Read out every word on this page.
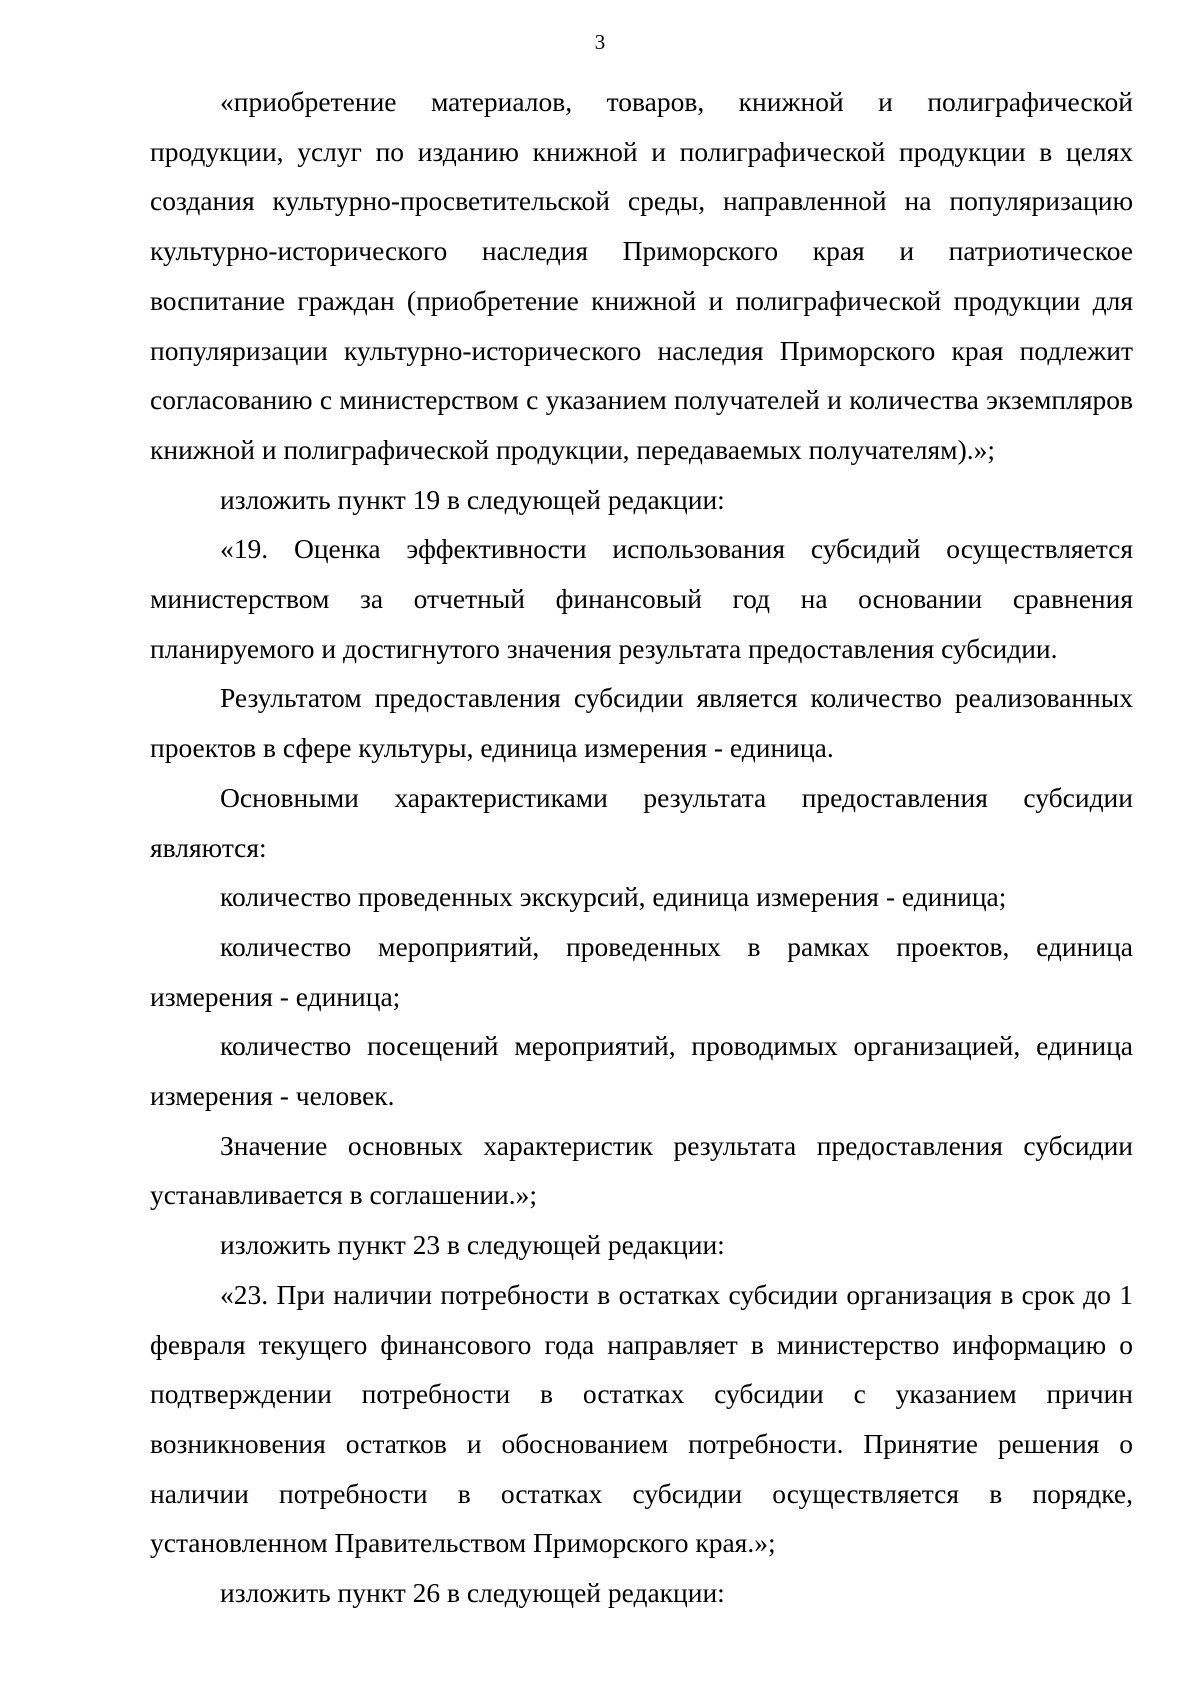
3

«приобретение материалов, товаров, книжной и полиграфической продукции, услуг по изданию книжной и полиграфической продукции в целях создания культурно-просветительской среды, направленной на популяризацию культурно-исторического наследия Приморского края и патриотическое воспитание граждан (приобретение книжной и полиграфической продукции для популяризации культурно-исторического наследия Приморского края подлежит согласованию с министерством с указанием получателей и количества экземпляров книжной и полиграфической продукции, передаваемых получателям).»;

изложить пункт 19 в следующей редакции:

«19. Оценка эффективности использования субсидий осуществляется министерством за отчетный финансовый год на основании сравнения планируемого и достигнутого значения результата предоставления субсидии.

Результатом предоставления субсидии является количество реализованных проектов в сфере культуры, единица измерения - единица.

Основными характеристиками результата предоставления субсидии являются:

количество проведенных экскурсий, единица измерения - единица;

количество мероприятий, проведенных в рамках проектов, единица измерения - единица;

количество посещений мероприятий, проводимых организацией, единица измерения - человек.

Значение основных характеристик результата предоставления субсидии устанавливается в соглашении.»;

изложить пункт 23 в следующей редакции:

«23. При наличии потребности в остатках субсидии организация в срок до 1 февраля текущего финансового года направляет в министерство информацию о подтверждении потребности в остатках субсидии с указанием причин возникновения остатков и обоснованием потребности. Принятие решения о наличии потребности в остатках субсидии осуществляется в порядке, установленном Правительством Приморского края.»;

изложить пункт 26 в следующей редакции:
